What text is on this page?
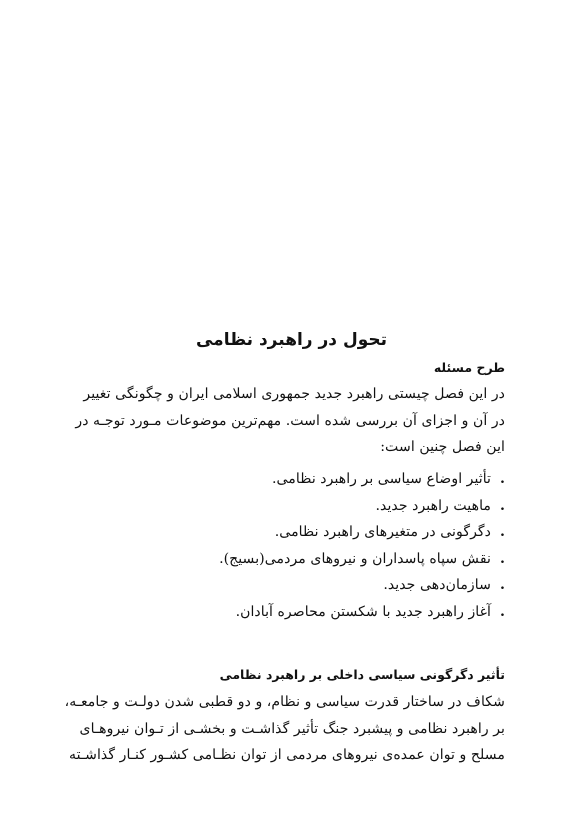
تحول در راهبرد نظامی
طرح مسئله
در این فصل چیستی راهبرد جدید جمهوری اسلامی ایران و چگونگی تغییر
در آن و اجزای آن بررسی شده است. مهم‌ترین موضوعات مـورد توجـه در
این فصل چنین است:
.تأثیر اوضاع سیاسی بر راهبرد نظامی.
.ماهیت راهبرد جدید.
.دگرگونی در متغیرهای راهبرد نظامی.
.نقش سپاه پاسداران و نیروهای مردمی(بسیج).
.سازمان‌دهی جدید.
.آغاز راهبرد جدید با شکستن محاصره آبادان.
تأثیر دگرگونی سیاسی داخلی بر راهبرد نظامی
شکاف در ساختار قدرت سیاسی و نظام، و دو قطبی شدن دولـت و جامعـه،
بر راهبرد نظامی و پیشبرد جنگ تأثیر گذاشـت و بخشـی از تـوان نیروهـای
مسلح و توان عمده‌ی نیروهای مردمی از توان نظـامی کشـور کنـار گذاشـته
